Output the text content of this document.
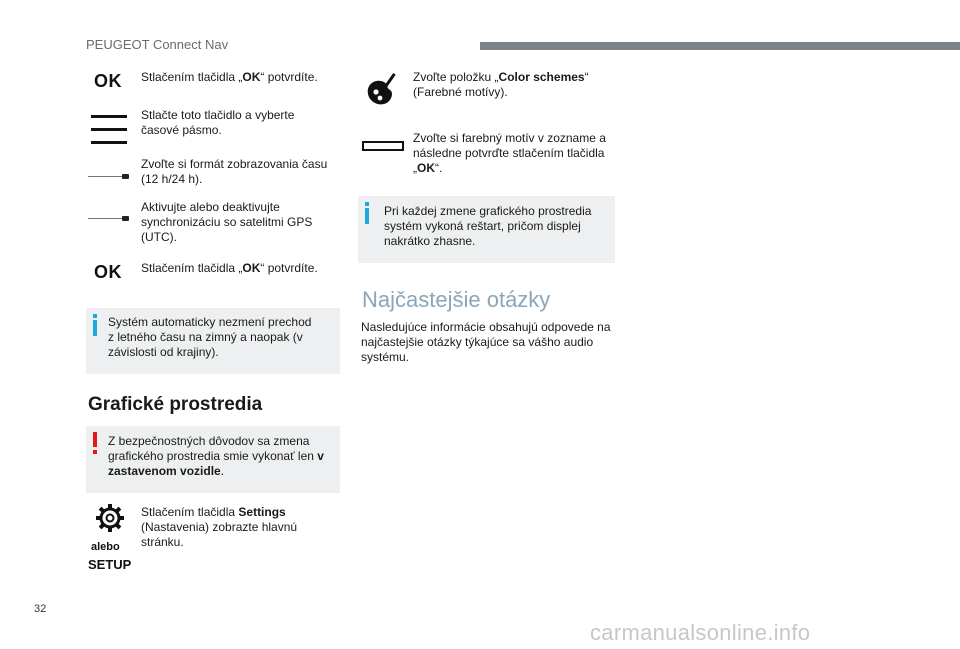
PEUGEOT Connect Nav
OK Stlačením tlačidla „OK“ potvrdíte.
Stlačte toto tlačidlo a vyberte
časové pásmo.
Zvoľte si formát zobrazovania času
(12 h/24 h).
Aktivujte alebo deaktivujte
synchronizáciu so satelitmi GPS
(UTC).
OK Stlačením tlačidla „OK“ potvrdíte.
Systém automaticky nezmení prechod
z letného času na zimný a naopak (v
závislosti od krajiny).
Grafické prostredia
Z bezpečnostných dôvodov sa zmena
grafického prostredia smie vykonať len v
zastavenom vozidle.
alebo
SETUP
Stlačením tlačidla Settings
(Nastavenia) zobrazte hlavnú
stránku.
Zvoľte položku „Color schemes“
(Farebné motívy).
Zvoľte si farebný motív v zozname a
následne potvrďte stlačením tlačidla
„OK“.
Pri každej zmene grafického prostredia
systém vykoná reštart, pričom displej
nakrátko zhasne.
Najčastejšie otázky
Nasledujúce informácie obsahujú odpovede na
najčastejšie otázky týkajúce sa vášho audio
systému.
32
carmanualsonline.info
